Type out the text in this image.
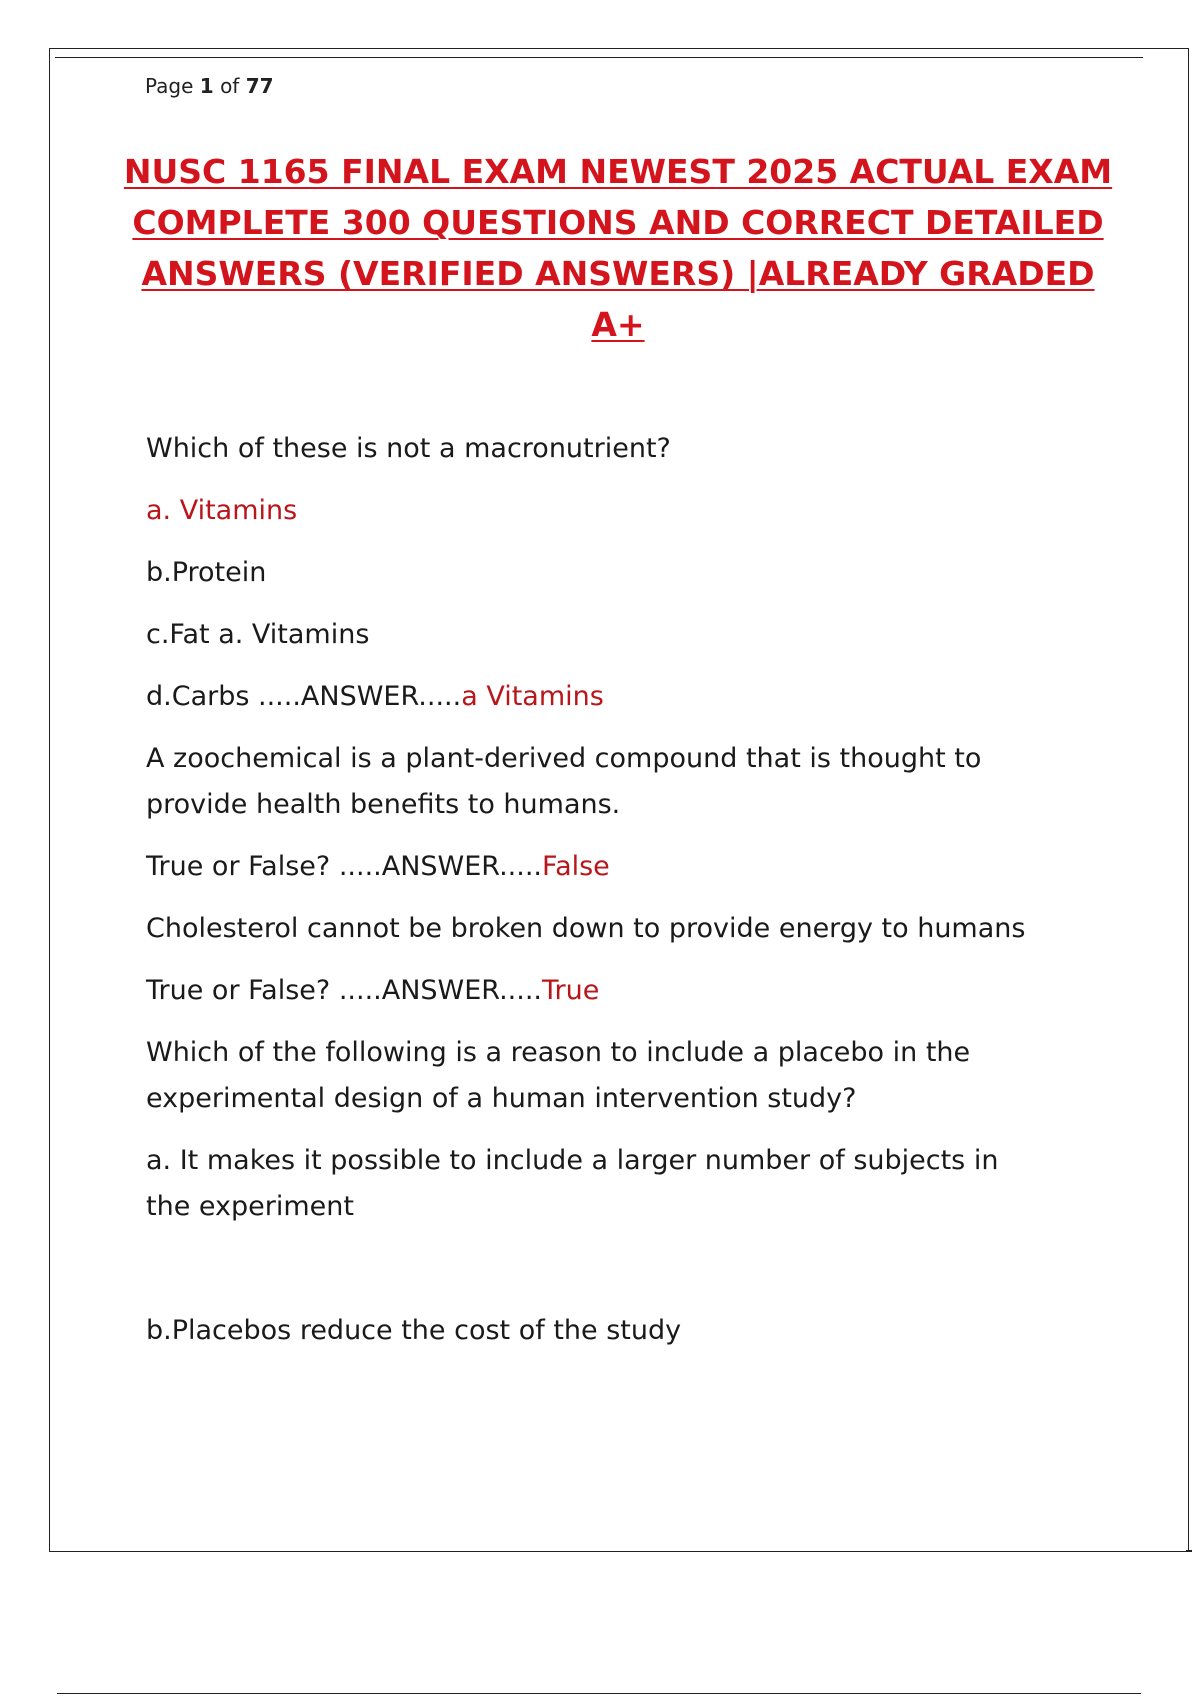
Page 1 of 77
NUSC 1165 FINAL EXAM NEWEST 2025 ACTUAL EXAM
COMPLETE 300 QUESTIONS AND CORRECT DETAILED
ANSWERS (VERIFIED ANSWERS) |ALREADY GRADED
A+
Which of these is not a macronutrient?
a. Vitamins
b.Protein
c.Fat a. Vitamins
d.Carbs .....ANSWER.....a Vitamins
A zoochemical is a plant-derived compound that is thought to
provide health benefits to humans.
True or False? .....ANSWER.....False
Cholesterol cannot be broken down to provide energy to humans
True or False? .....ANSWER.....True
Which of the following is a reason to include a placebo in the
experimental design of a human intervention study?
a. It makes it possible to include a larger number of subjects in
the experiment
b.Placebos reduce the cost of the study
